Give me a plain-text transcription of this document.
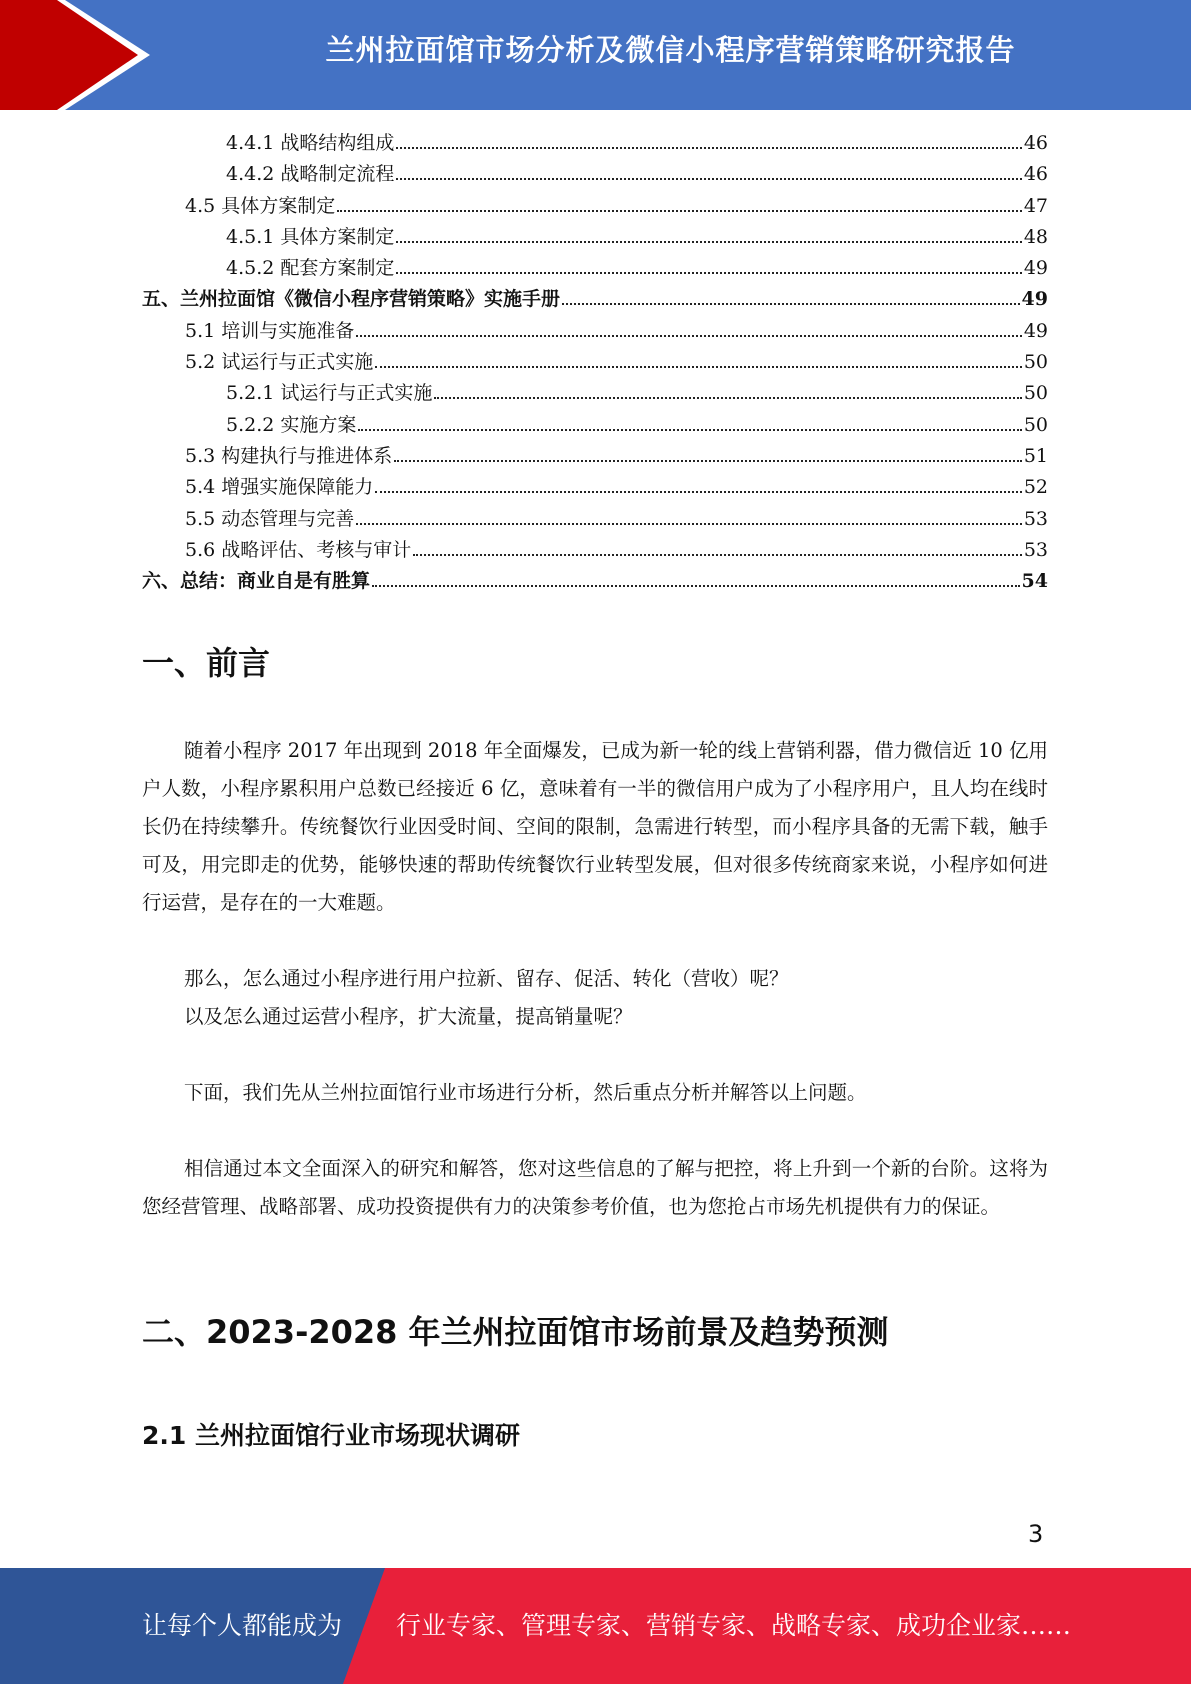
兰州拉面馆市场分析及微信小程序营销策略研究报告
4.4.1 战略结构组成	46
4.4.2 战略制定流程	46
4.5 具体方案制定	47
4.5.1 具体方案制定	48
4.5.2 配套方案制定	49
五、兰州拉面馆《微信小程序营销策略》实施手册	49
5.1 培训与实施准备	49
5.2 试运行与正式实施	50
5.2.1 试运行与正式实施	50
5.2.2 实施方案	50
5.3 构建执行与推进体系	51
5.4 增强实施保障能力	52
5.5 动态管理与完善	53
5.6 战略评估、考核与审计	53
六、总结：商业自是有胜算	54
一、前言

随着小程序 2017 年出现到 2018 年全面爆发，已成为新一轮的线上营销利器，借力微信近 10 亿用户人数，小程序累积用户总数已经接近 6 亿，意味着有一半的微信用户成为了小程序用户，且人均在线时长仍在持续攀升。传统餐饮行业因受时间、空间的限制，急需进行转型，而小程序具备的无需下载，触手可及，用完即走的优势，能够快速的帮助传统餐饮行业转型发展，但对很多传统商家来说，小程序如何进行运营，是存在的一大难题。

那么，怎么通过小程序进行用户拉新、留存、促活、转化（营收）呢？

以及怎么通过运营小程序，扩大流量，提高销量呢？

下面，我们先从兰州拉面馆行业市场进行分析，然后重点分析并解答以上问题。

相信通过本文全面深入的研究和解答，您对这些信息的了解与把控，将上升到一个新的台阶。这将为您经营管理、战略部署、成功投资提供有力的决策参考价值，也为您抢占市场先机提供有力的保证。

二、2023-2028 年兰州拉面馆市场前景及趋势预测
2.1 兰州拉面馆行业市场现状调研
3
让每个人都能成为 行业专家、管理专家、营销专家、战略专家、成功企业家……
